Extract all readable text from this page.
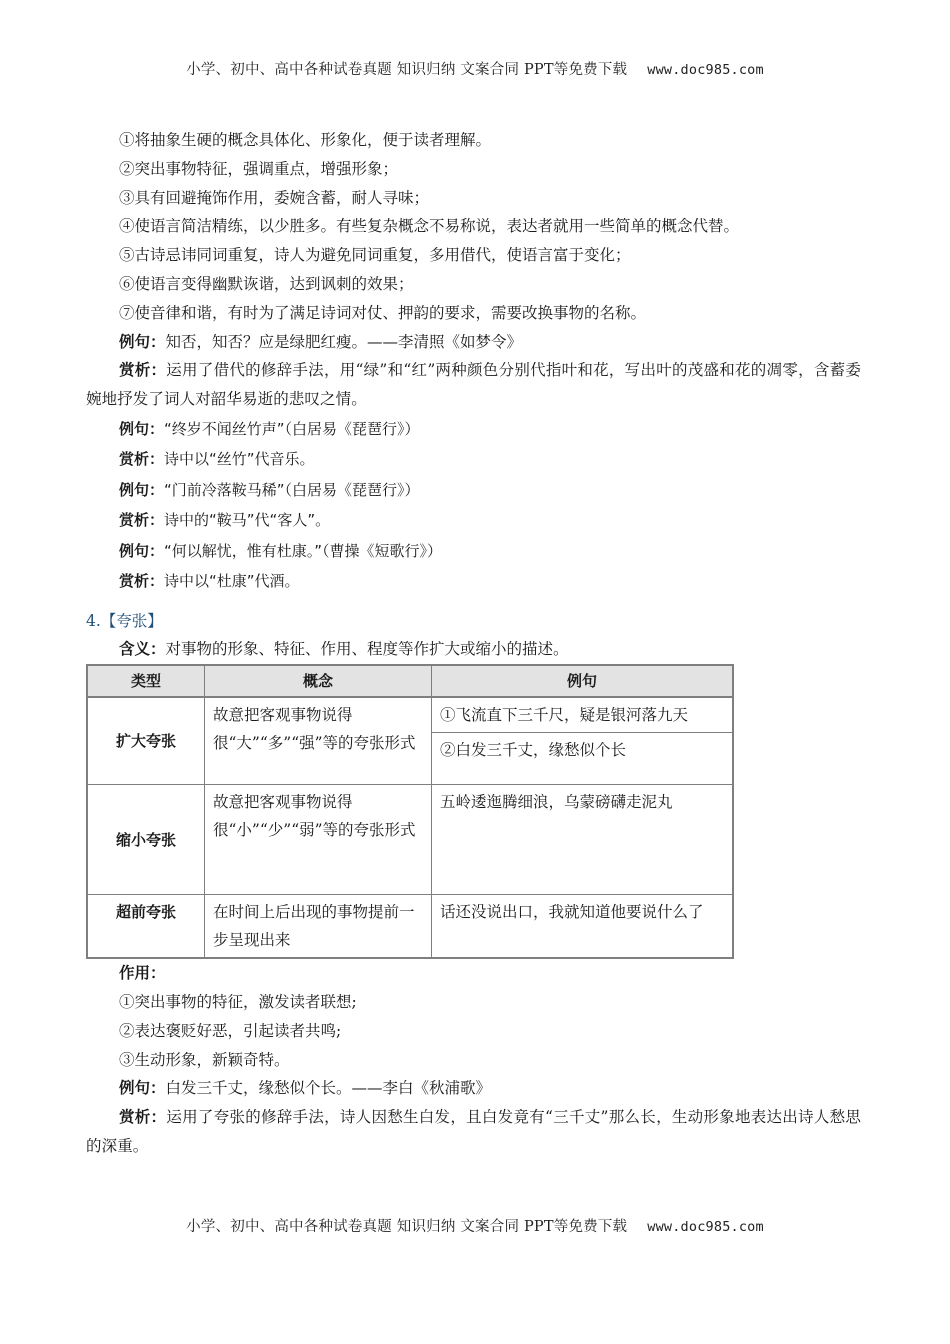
小学、初中、高中各种试卷真题 知识归纳 文案合同 PPT等免费下载 www.doc985.com

①将抽象生硬的概念具体化、形象化，便于读者理解。

②突出事物特征，强调重点，增强形象；

③具有回避掩饰作用，委婉含蓄，耐人寻味；

④使语言简洁精练，以少胜多。有些复杂概念不易称说，表达者就用一些简单的概念代替。

⑤古诗忌讳同词重复，诗人为避免同词重复，多用借代，使语言富于变化；

⑥使语言变得幽默诙谐，达到讽刺的效果；

⑦使音律和谐，有时为了满足诗词对仗、押韵的要求，需要改换事物的名称。

例句：知否，知否？应是绿肥红瘦。——李清照《如梦令》

赏析：运用了借代的修辞手法，用“绿”和“红”两种颜色分别代指叶和花，写出叶的茂盛和花的凋零，含蓄委婉地抒发了词人对韶华易逝的悲叹之情。

例句：“终岁不闻丝竹声”（白居易《琵琶行》）

赏析：诗中以“丝竹”代音乐。

例句：“门前冷落鞍马稀”（白居易《琵琶行》）

赏析：诗中的“鞍马”代“客人”。

例句：“何以解忧，惟有杜康。”（曹操《短歌行》）

赏析：诗中以“杜康”代酒。

4.【夸张】

含义：对事物的形象、特征、作用、程度等作扩大或缩小的描述。

类型	概念	例句
扩大夸张	故意把客观事物说得很“大”“多”“强”等的夸张形式	①飞流直下三千尺，疑是银河落九天
②白发三千丈，缘愁似个长

缩小夸张	故意把客观事物说得很“小”“少”“弱”等的夸张形式	五岭逶迤腾细浪，乌蒙磅礴走泥丸
超前夸张	在时间上后出现的事物提前一步呈现出来	话还没说出口，我就知道他要说什么了

作用：

①突出事物的特征，激发读者联想;

②表达褒贬好恶，引起读者共鸣;

③生动形象，新颖奇特。

例句：白发三千丈，缘愁似个长。——李白《秋浦歌》

赏析：运用了夸张的修辞手法，诗人因愁生白发，且白发竟有“三千丈”那么长，生动形象地表达出诗人愁思的深重。

小学、初中、高中各种试卷真题 知识归纳 文案合同 PPT等免费下载 www.doc985.com
